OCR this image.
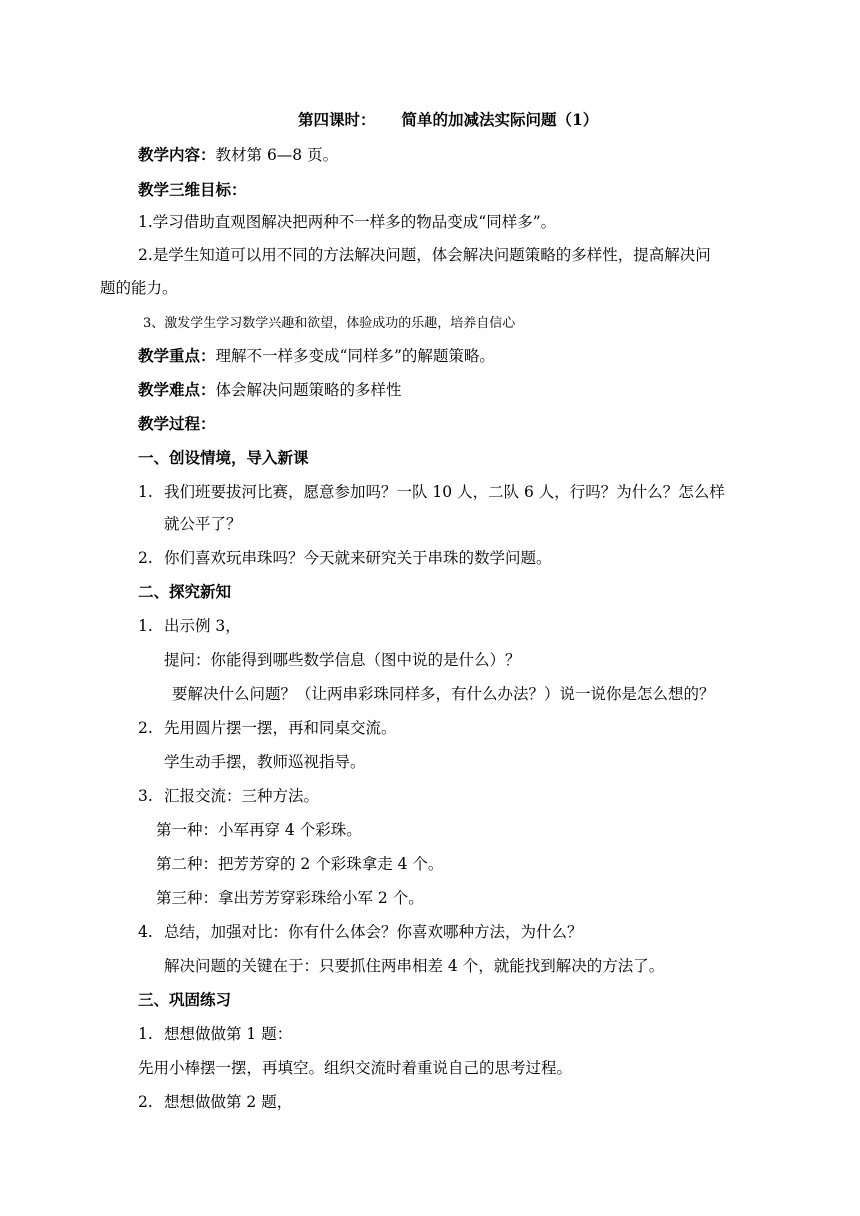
第四课时： 简单的加减法实际问题（1）
教学内容：教材第 6—8 页。
教学三维目标：
1.学习借助直观图解决把两种不一样多的物品变成“同样多”。
2.是学生知道可以用不同的方法解决问题，体会解决问题策略的多样性，提高解决问
题的能力。
3、激发学生学习数学兴趣和欲望，体验成功的乐趣，培养自信心
教学重点：理解不一样多变成“同样多”的解题策略。
教学难点：体会解决问题策略的多样性
教学过程：
一、创设情境，导入新课
1. 我们班要拔河比赛，愿意参加吗？一队 10 人，二队 6 人，行吗？为什么？怎么样
就公平了？
2. 你们喜欢玩串珠吗？今天就来研究关于串珠的数学问题。
二、探究新知
1. 出示例 3，
提问：你能得到哪些数学信息（图中说的是什么）？
要解决什么问题？（让两串彩珠同样多，有什么办法？）说一说你是怎么想的？
2. 先用圆片摆一摆，再和同桌交流。
学生动手摆，教师巡视指导。
3. 汇报交流：三种方法。
第一种：小军再穿 4 个彩珠。
第二种：把芳芳穿的 2 个彩珠拿走 4 个。
第三种：拿出芳芳穿彩珠给小军 2 个。
4. 总结，加强对比：你有什么体会？你喜欢哪种方法，为什么？
解决问题的关键在于：只要抓住两串相差 4 个，就能找到解决的方法了。
三、巩固练习
1. 想想做做第 1 题：
先用小棒摆一摆，再填空。组织交流时着重说自己的思考过程。
2. 想想做做第 2 题，
